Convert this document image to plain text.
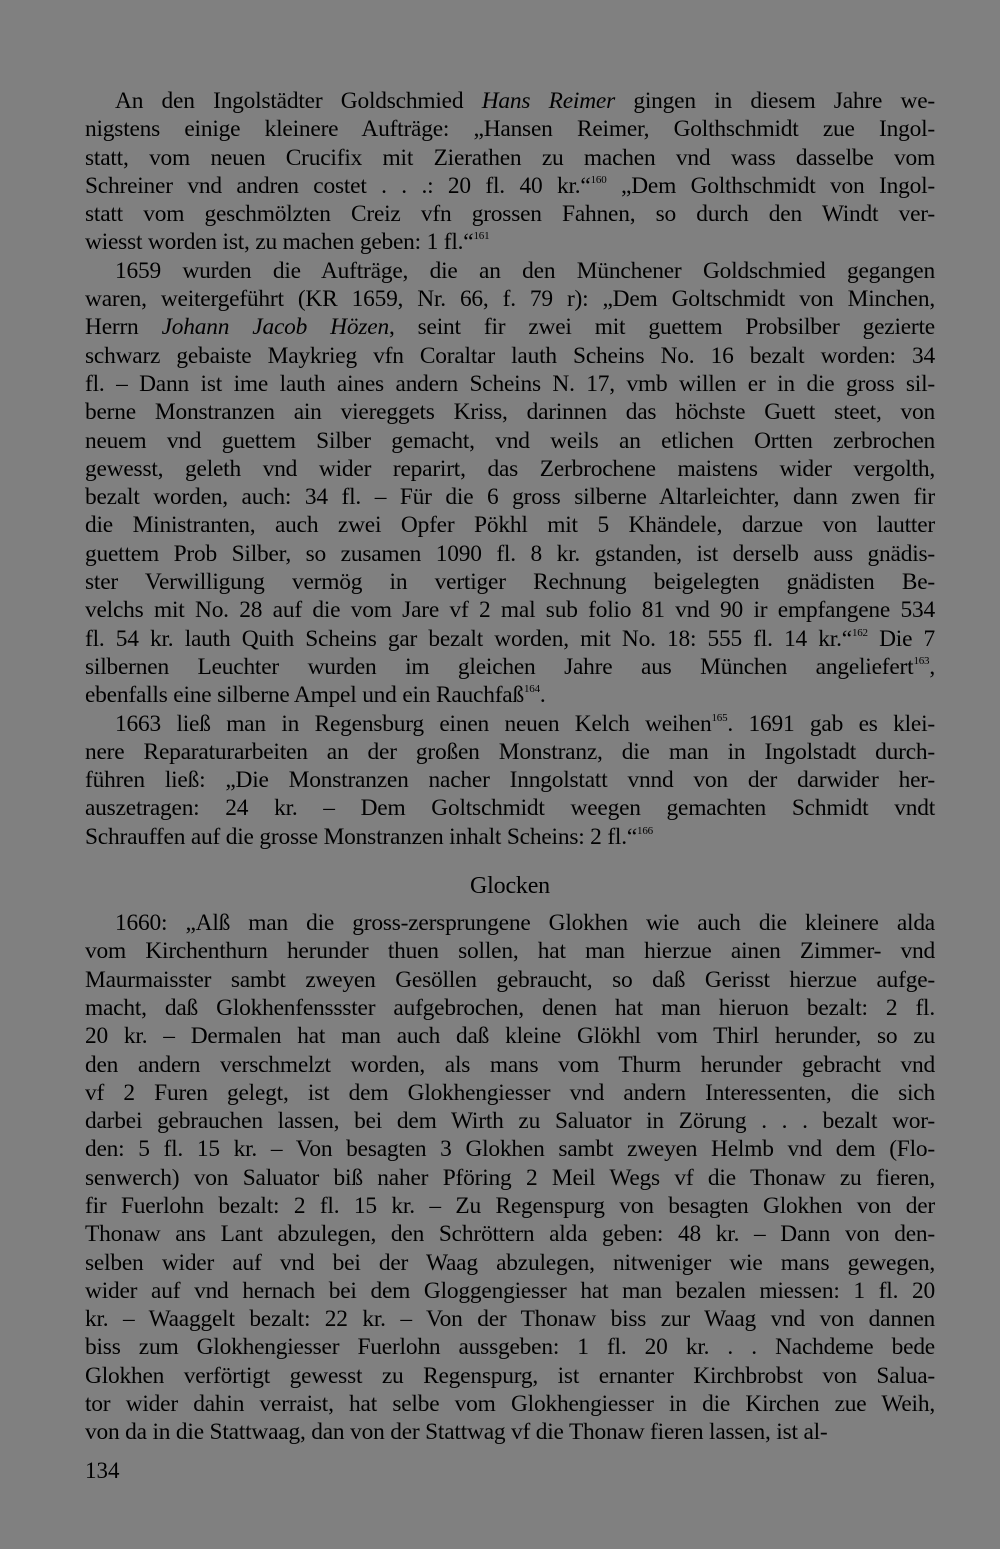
An den Ingolstädter Goldschmied Hans Reimer gingen in diesem Jahre we-
nigstens einige kleinere Aufträge: „Hansen Reimer, Golthschmidt zue Ingol-
statt, vom neuen Crucifix mit Zierathen zu machen vnd wass dasselbe vom
Schreiner vnd andren costet . . .: 20 fl. 40 kr.“$^{160}$ „Dem Golthschmidt von Ingol-
statt vom geschmölzten Creiz vfn grossen Fahnen, so durch den Windt ver-
wiesst worden ist, zu machen geben: 1 fl.“$^{161}$

1659 wurden die Aufträge, die an den Münchener Goldschmied gegangen
waren, weitergeführt (KR 1659, Nr. 66, f. 79 r): „Dem Goltschmidt von Minchen,
Herrn Johann Jacob Hözen, seint fir zwei mit guettem Probsilber gezierte
schwarz gebaiste Maykrieg vfn Coraltar lauth Scheins No. 16 bezalt worden: 34
fl. – Dann ist ime lauth aines andern Scheins N. 17, vmb willen er in die gross sil-
berne Monstranzen ain viereggets Kriss, darinnen das höchste Guett steet, von
neuem vnd guettem Silber gemacht, vnd weils an etlichen Ortten zerbrochen
gewesst, geleth vnd wider reparirt, das Zerbrochene maistens wider vergolth,
bezalt worden, auch: 34 fl. – Für die 6 gross silberne Altarleichter, dann zwen fir
die Ministranten, auch zwei Opfer Pökhl mit 5 Khändele, darzue von lautter
guettem Prob Silber, so zusamen 1090 fl. 8 kr. gstanden, ist derselb auss gnädis-
ster Verwilligung vermög in vertiger Rechnung beigelegten gnädisten Be-
velchs mit No. 28 auf die vom Jare vf 2 mal sub folio 81 vnd 90 ir empfangene 534
fl. 54 kr. lauth Quith Scheins gar bezalt worden, mit No. 18: 555 fl. 14 kr.“$^{162}$ Die 7
silbernen Leuchter wurden im gleichen Jahre aus München angeliefert$^{163}$,
ebenfalls eine silberne Ampel und ein Rauchfaß$^{164}$.

1663 ließ man in Regensburg einen neuen Kelch weihen$^{165}$. 1691 gab es klei-
nere Reparaturarbeiten an der großen Monstranz, die man in Ingolstadt durch-
führen ließ: „Die Monstranzen nacher Inngolstatt vnnd von der darwider her-
auszetragen: 24 kr. – Dem Goltschmidt weegen gemachten Schmidt vndt
Schrauffen auf die grosse Monstranzen inhalt Scheins: 2 fl.“$^{166}$

Glocken

1660: „Alß man die gross-zersprungene Glokhen wie auch die kleinere alda
vom Kirchenthurn herunder thuen sollen, hat man hierzue ainen Zimmer- vnd
Maurmaisster sambt zweyen Gesöllen gebraucht, so daß Gerisst hierzue aufge-
macht, daß Glokhenfenssster aufgebrochen, denen hat man hieruon bezalt: 2 fl.
20 kr. – Dermalen hat man auch daß kleine Glökhl vom Thirl herunder, so zu
den andern verschmelzt worden, als mans vom Thurm herunder gebracht vnd
vf 2 Furen gelegt, ist dem Glokhengiesser vnd andern Interessenten, die sich
darbei gebrauchen lassen, bei dem Wirth zu Saluator in Zörung . . . bezalt wor-
den: 5 fl. 15 kr. – Von besagten 3 Glokhen sambt zweyen Helmb vnd dem (Flo-
senwerch) von Saluator biß naher Pföring 2 Meil Wegs vf die Thonaw zu fieren,
fir Fuerlohn bezalt: 2 fl. 15 kr. – Zu Regenspurg von besagten Glokhen von der
Thonaw ans Lant abzulegen, den Schröttern alda geben: 48 kr. – Dann von den-
selben wider auf vnd bei der Waag abzulegen, nitweniger wie mans gewegen,
wider auf vnd hernach bei dem Gloggengiesser hat man bezalen miessen: 1 fl. 20
kr. – Waaggelt bezalt: 22 kr. – Von der Thonaw biss zur Waag vnd von dannen
biss zum Glokhengiesser Fuerlohn aussgeben: 1 fl. 20 kr. . . Nachdeme bede
Glokhen verförtigt gewesst zu Regenspurg, ist ernanter Kirchbrobst von Salua-
tor wider dahin verraist, hat selbe vom Glokhengiesser in die Kirchen zue Weih,
von da in die Stattwaag, dan von der Stattwag vf die Thonaw fieren lassen, ist al-

134
